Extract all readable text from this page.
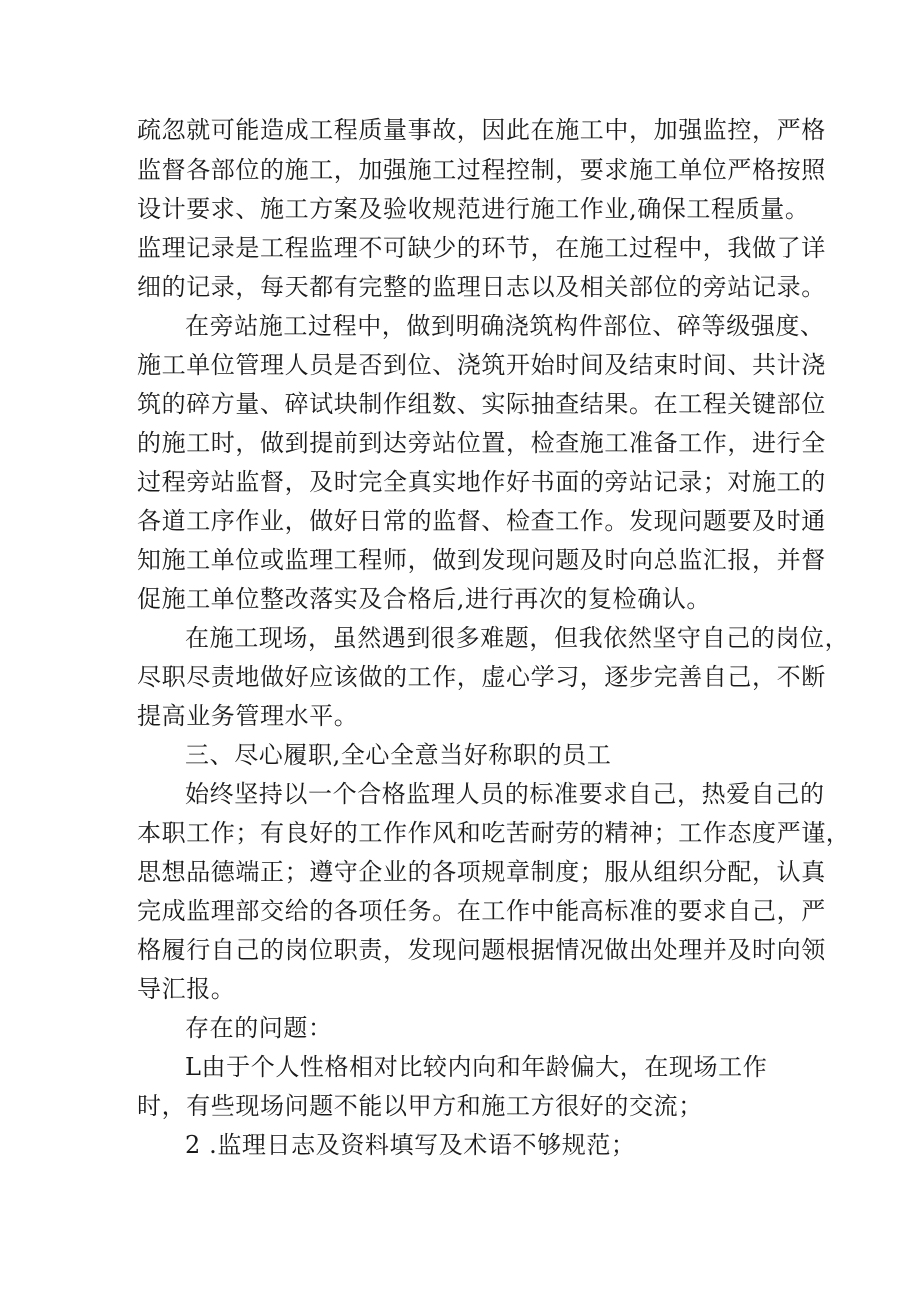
疏忽就可能造成工程质量事故，因此在施工中，加强监控，严格
监督各部位的施工，加强施工过程控制，要求施工单位严格按照
设计要求、施工方案及验收规范进行施工作业,确保工程质量。
监理记录是工程监理不可缺少的环节，在施工过程中，我做了详
细的记录，每天都有完整的监理日志以及相关部位的旁站记录。
在旁站施工过程中，做到明确浇筑构件部位、碎等级强度、
施工单位管理人员是否到位、浇筑开始时间及结束时间、共计浇
筑的碎方量、碎试块制作组数、实际抽查结果。在工程关键部位
的施工时，做到提前到达旁站位置，检查施工准备工作，进行全
过程旁站监督，及时完全真实地作好书面的旁站记录；对施工的
各道工序作业，做好日常的监督、检查工作。发现问题要及时通
知施工单位或监理工程师，做到发现问题及时向总监汇报，并督
促施工单位整改落实及合格后,进行再次的复检确认。
在施工现场，虽然遇到很多难题，但我依然坚守自己的岗位，
尽职尽责地做好应该做的工作，虚心学习，逐步完善自己，不断
提高业务管理水平。
三、尽心履职,全心全意当好称职的员工
始终坚持以一个合格监理人员的标准要求自己，热爱自己的
本职工作；有良好的工作作风和吃苦耐劳的精神；工作态度严谨，
思想品德端正；遵守企业的各项规章制度；服从组织分配，认真
完成监理部交给的各项任务。在工作中能高标准的要求自己，严
格履行自己的岗位职责，发现问题根据情况做出处理并及时向领
导汇报。
存在的问题：
L由于个人性格相对比较内向和年龄偏大，在现场工作
时，有些现场问题不能以甲方和施工方很好的交流；
2 .监理日志及资料填写及术语不够规范；
